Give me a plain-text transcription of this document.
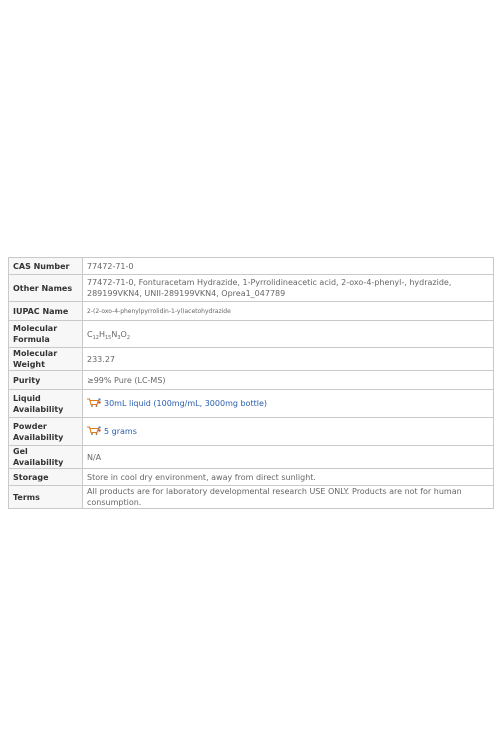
CAS Number	77472-71-0
Other Names	77472-71-0, Fonturacetam Hydrazide, 1-Pyrrolidineacetic acid, 2-oxo-4-phenyl-, hydrazide, 289199VKN4, UNII-289199VKN4, Oprea1_047789
IUPAC Name	2-(2-oxo-4-phenylpyrrolidin-1-yl)acetohydrazide
Molecular Formula	$C_{12}H_{15}N_3O_2$
Molecular Weight	233.27
Purity	≥99% Pure (LC-MS)
Liquid Availability	30mL liquid (100mg/mL, 3000mg bottle)
Powder Availability	5 grams
Gel Availability	N/A
Storage	Store in cool dry environment, away from direct sunlight.
Terms	All products are for laboratory developmental research USE ONLY. Products are not for human consumption.
